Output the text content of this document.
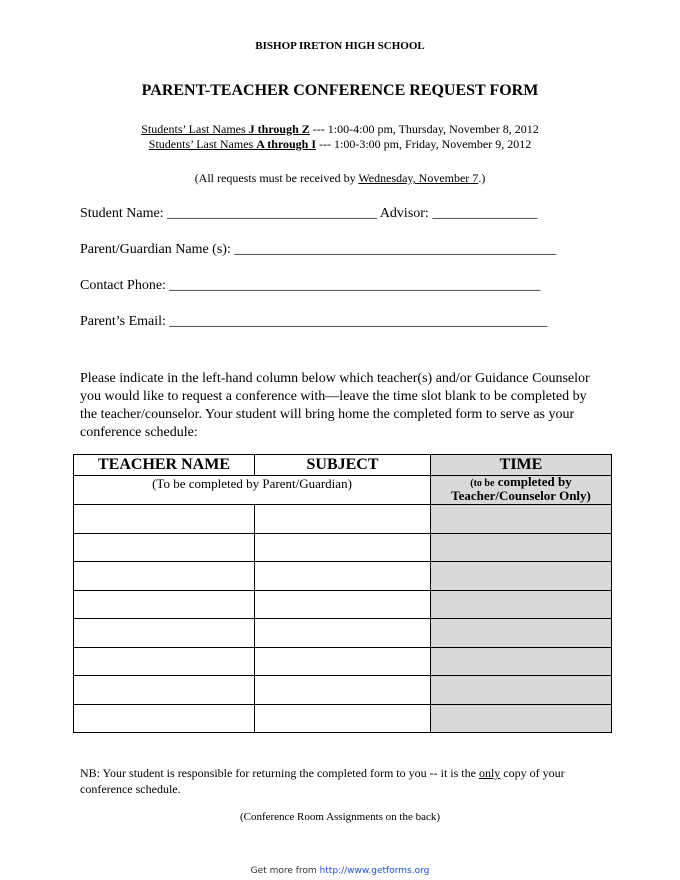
BISHOP IRETON HIGH SCHOOL
PARENT-TEACHER CONFERENCE REQUEST FORM
Students’ Last Names J through Z --- 1:00-4:00 pm, Thursday, November 8, 2012
Students’ Last Names A through I --- 1:00-3:00 pm, Friday, November 9, 2012
(All requests must be received by Wednesday, November 7.)
Student Name: ______________________________ Advisor: _______________
Parent/Guardian Name (s): ______________________________________________
Contact Phone: _____________________________________________________
Parent’s Email: ______________________________________________________
Please indicate in the left-hand column below which teacher(s) and/or Guidance Counselor you would like to request a conference with—leave the time slot blank to be completed by the teacher/counselor. Your student will bring home the completed form to serve as your conference schedule:
TEACHER NAME	SUBJECT	TIME
(To be completed by Parent/Guardian)		(to be completed by
Teacher/Counselor Only)

NB: Your student is responsible for returning the completed form to you -- it is the only copy of your conference schedule.
(Conference Room Assignments on the back)
Get more from http://www.getforms.org
